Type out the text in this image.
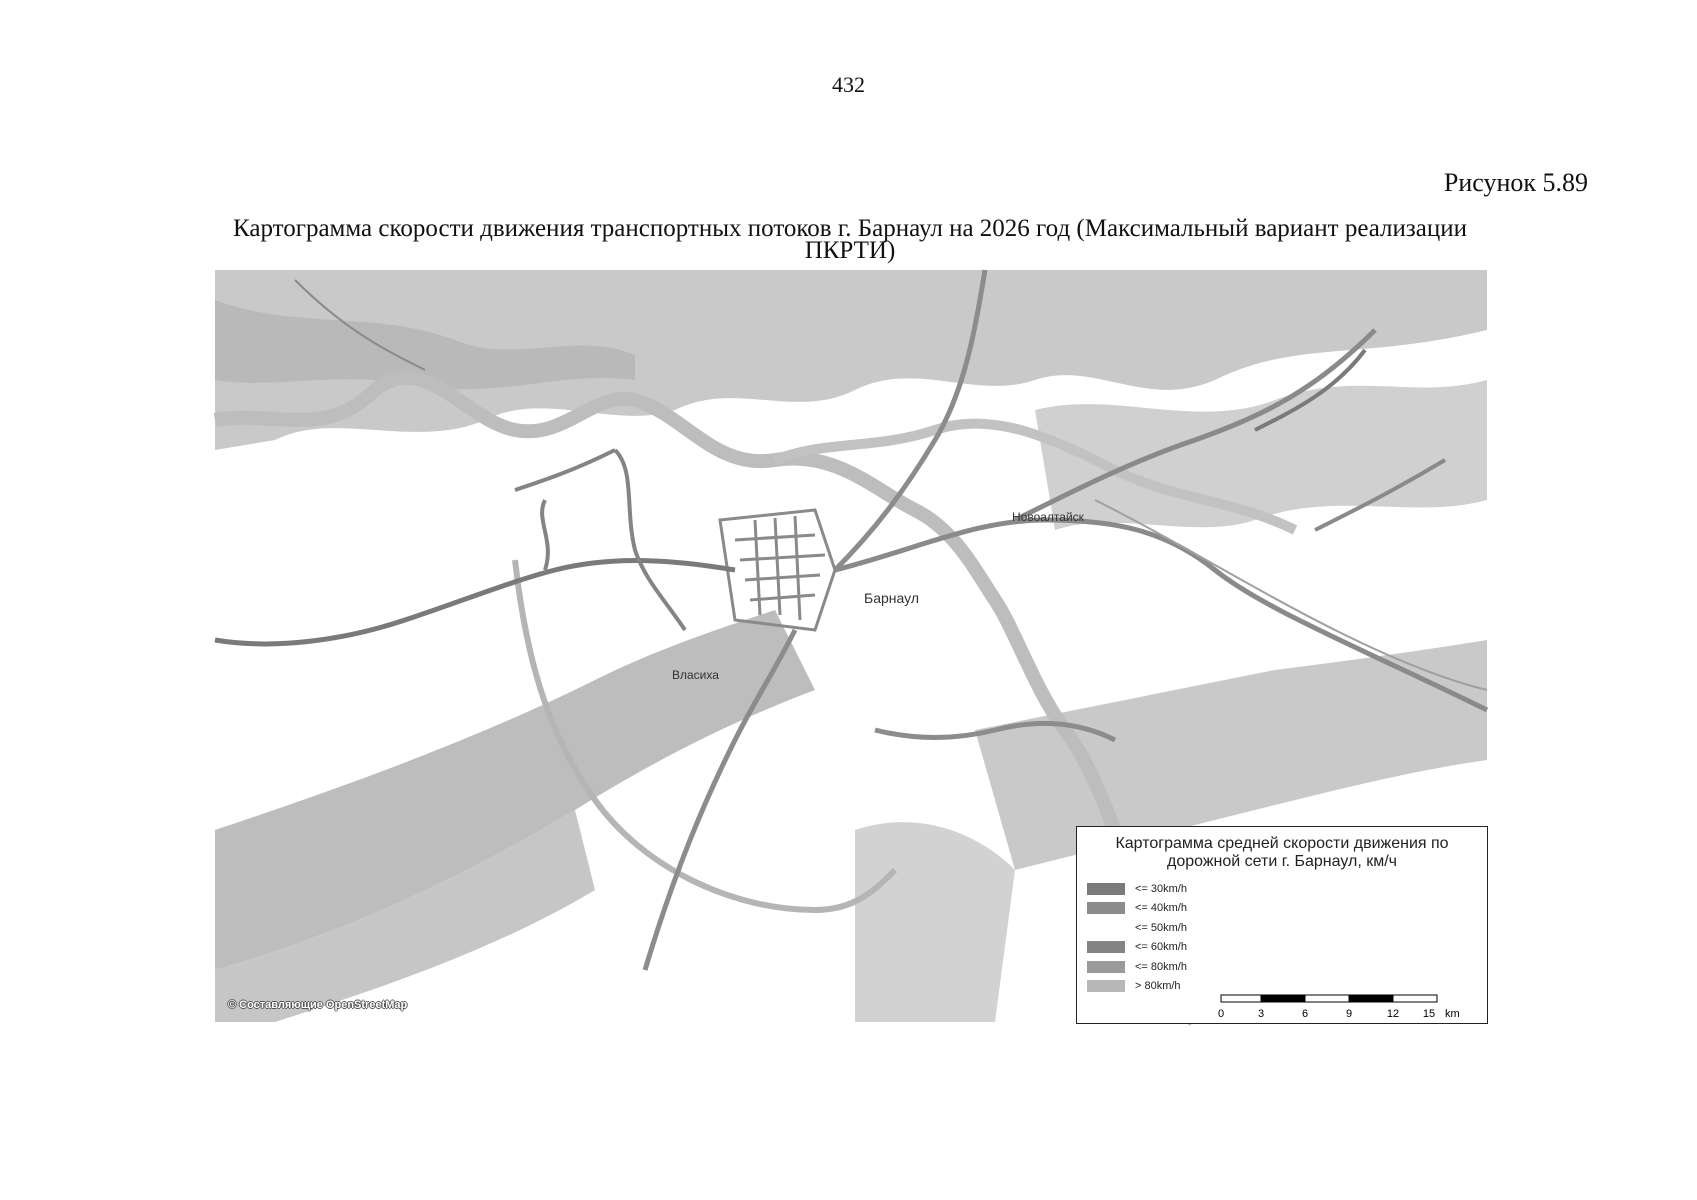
432
Рисунок 5.89
Картограмма скорости движения транспортных потоков г. Барнаул на 2026 год (Максимальный вариант реализации
ПКРТИ)
Новоалтайск
Барнаул
Власиха
© Составляющие OpenStreetMap
Картограмма средней скорости движения по
дорожной сети г. Барнаул, км/ч
<= 30km/h
<= 40km/h
<= 50km/h
<= 60km/h
<= 80km/h
> 80km/h
0	3	6	9	12 15 km
